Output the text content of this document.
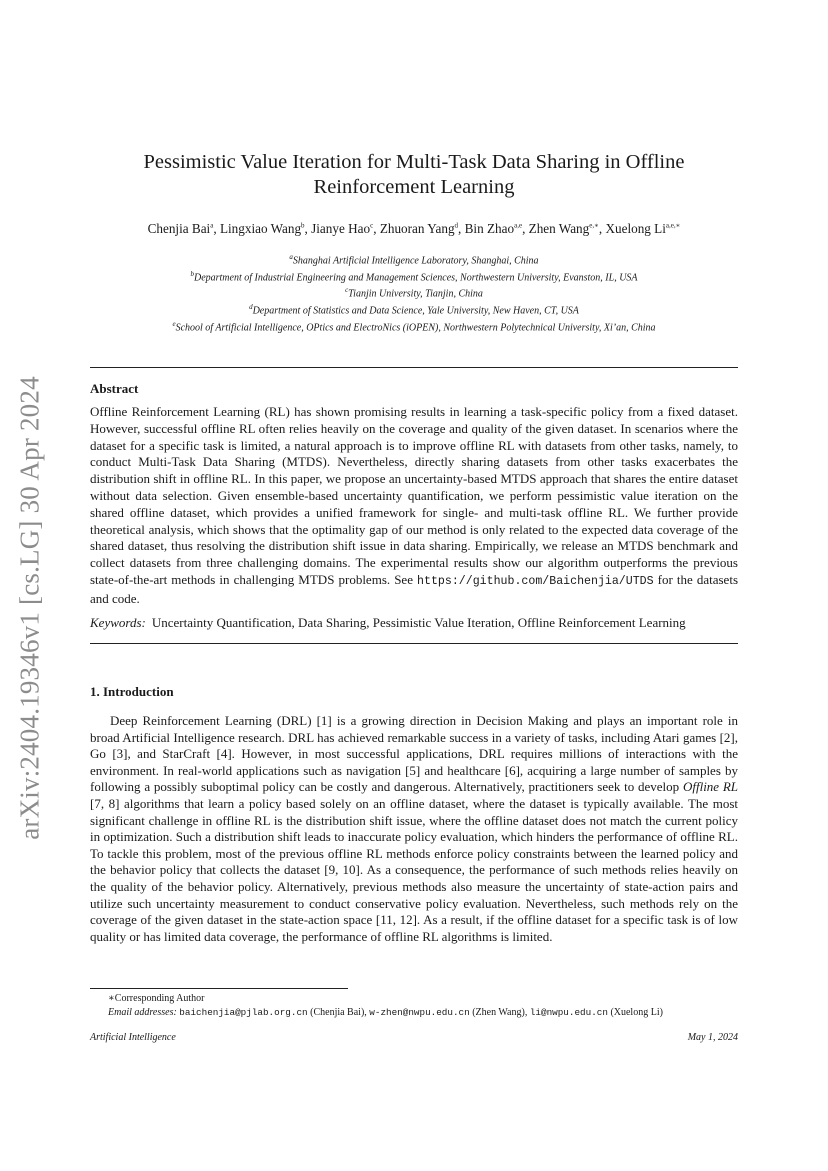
arXiv:2404.19346v1 [cs.LG] 30 Apr 2024
Pessimistic Value Iteration for Multi-Task Data Sharing in Offline
Reinforcement Learning
Chenjia Bai$^a$, Lingxiao Wang$^b$, Jianye Hao$^c$, Zhuoran Yang$^d$, Bin Zhao$^{a,e}$, Zhen Wang$^{e,∗}$, Xuelong $Li^{a,e,∗}$
$^a$Shanghai Artificial Intelligence Laboratory, Shanghai, China
$^b$Department of Industrial Engineering and Management Sciences, Northwestern University, Evanston, IL, USA
$^c$Tianjin University, Tianjin, China
$^d$Department of Statistics and Data Science, Yale University, New Haven, CT, USA
$^e$School of Artificial Intelligence, OPtics and ElectroNics (iOPEN), Northwestern Polytechnical University, Xi’an, China
Abstract
Offline Reinforcement Learning (RL) has shown promising results in learning a task-specific policy from a fixed dataset. However, successful offline RL often relies heavily on the coverage and quality of the given dataset. In scenarios where the dataset for a specific task is limited, a natural approach is to improve offline RL with datasets from other tasks, namely, to conduct Multi-Task Data Sharing (MTDS). Nevertheless, directly sharing datasets from other tasks exacerbates the distribution shift in offline RL. In this paper, we propose an uncertainty-based MTDS approach that shares the entire dataset without data selection. Given ensemble-based uncertainty quantification, we perform pessimistic value iteration on the shared offline dataset, which provides a unified framework for single- and multi-task offline RL. We further provide theoretical analysis, which shows that the optimality gap of our method is only related to the expected data coverage of the shared dataset, thus resolving the distribution shift issue in data sharing. Empirically, we release an MTDS benchmark and collect datasets from three challenging domains. The experimental results show our algorithm outperforms the previous state-of-the-art methods in challenging MTDS problems. See https://github.com/Baichenjia/UTDS for the datasets and code.
Keywords: Uncertainty Quantification, Data Sharing, Pessimistic Value Iteration, Offline Reinforcement Learning
1. Introduction
Deep Reinforcement Learning (DRL) [1] is a growing direction in Decision Making and plays an important role in broad Artificial Intelligence research. DRL has achieved remarkable success in a variety of tasks, including Atari games [2], Go [3], and StarCraft [4]. However, in most successful applications, DRL requires millions of interactions with the environment. In real-world applications such as navigation [5] and healthcare [6], acquiring a large number of samples by following a possibly suboptimal policy can be costly and dangerous. Alternatively, practitioners seek to develop Offline RL [7, 8] algorithms that learn a policy based solely on an offline dataset, where the dataset is typically available. The most significant challenge in offline RL is the distribution shift issue, where the offline dataset does not match the current policy in optimization. Such a distribution shift leads to inaccurate policy evaluation, which hinders the performance of offline RL. To tackle this problem, most of the previous offline RL methods enforce policy constraints between the learned policy and the behavior policy that collects the dataset [9, 10]. As a consequence, the performance of such methods relies heavily on the quality of the behavior policy. Alternatively, previous methods also measure the uncertainty of state-action pairs and utilize such uncertainty measurement to conduct conservative policy evaluation. Nevertheless, such methods rely on the coverage of the given dataset in the state-action space [11, 12]. As a result, if the offline dataset for a specific task is of low quality or has limited data coverage, the performance of offline RL algorithms is limited.
∗Corresponding Author
Email addresses: baichenjia@pjlab.org.cn (Chenjia Bai), w-zhen@nwpu.edu.cn (Zhen Wang), li@nwpu.edu.cn (Xuelong Li)
Artificial Intelligence	May 1, 2024
